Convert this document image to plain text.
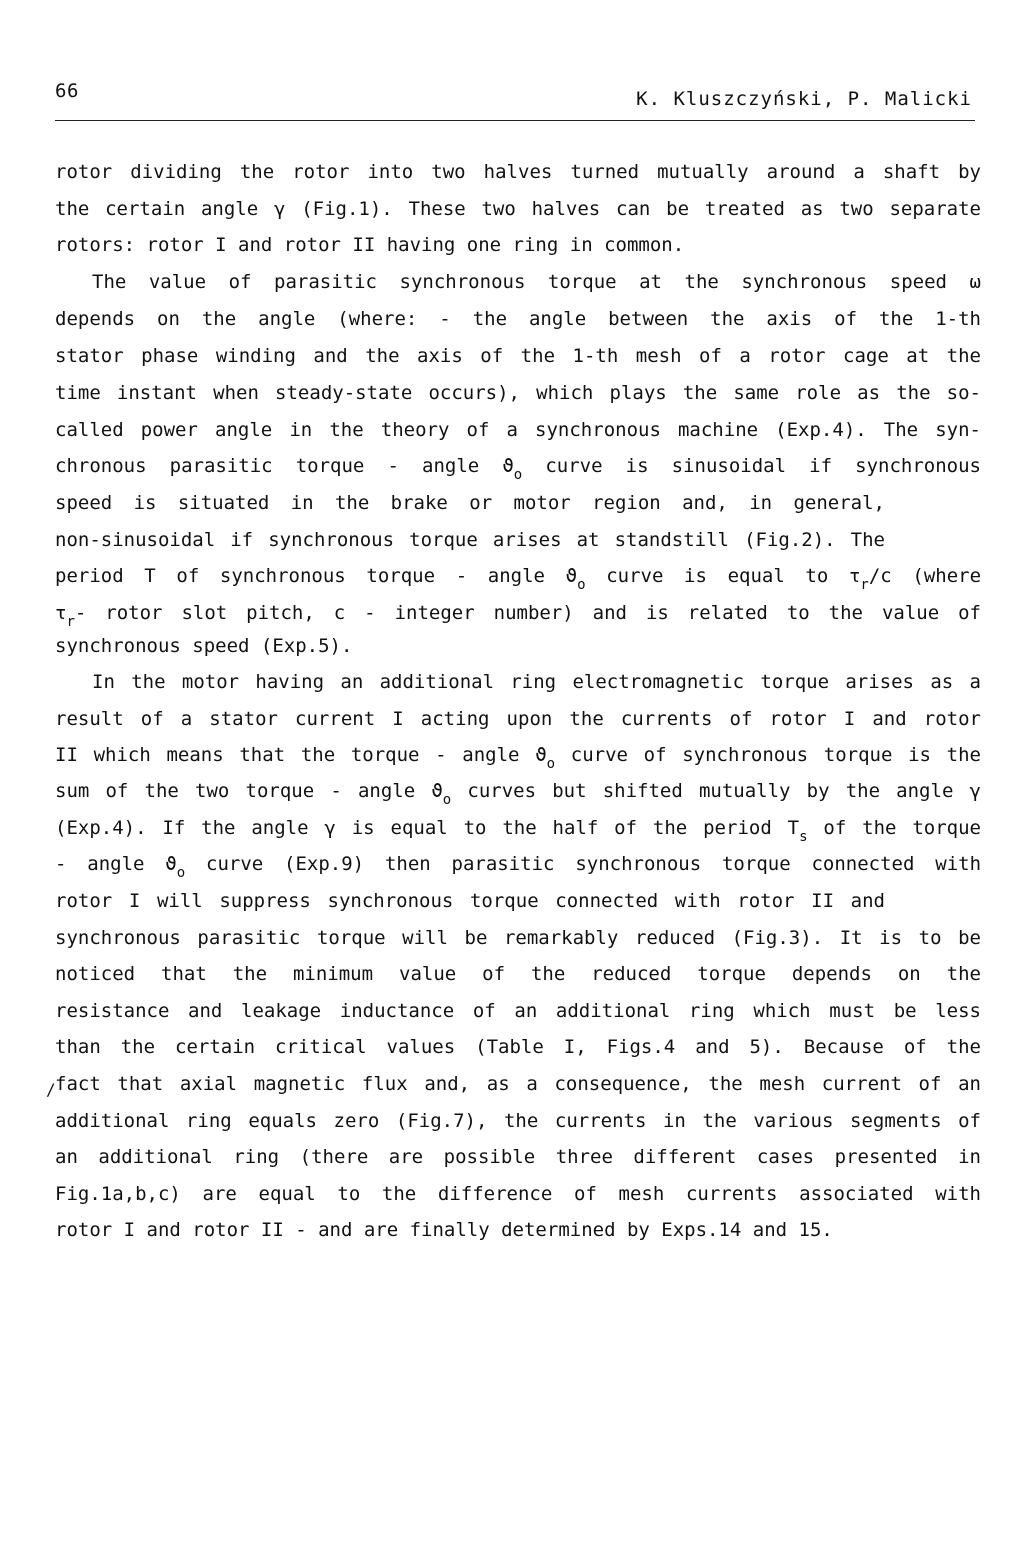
66	K. Kluszczyński, P. Malicki
rotor dividing the rotor into two halves turned mutually around a shaft by
the certain angle γ (Fig.1). These two halves can be treated as two separate
rotors: rotor I and rotor II having one ring in common.
The value of parasitic synchronous torque at the synchronous speed ω
depends on the angle (where: - the angle between the axis of the 1-th
stator phase winding and the axis of the 1-th mesh of a rotor cage at the
time instant when steady-state occurs), which plays the same role as the so-
called power angle in the theory of a synchronous machine (Exp.4). The syn-
chronous parasitic torque - angle $ϑ_o$ curve is sinusoidal if synchronous
speed is situated in the brake or motor region and, in general,
non-sinusoidal if synchronous torque arises at standstill (Fig.2). The
period T of synchronous torque - angle $ϑ_o$ curve is equal to $\tau_r/c$ (where
$\tau_r-$ rotor slot pitch, c - integer number) and is related to the value of
synchronous speed (Exp.5).
In the motor having an additional ring electromagnetic torque arises as a
result of a stator current I acting upon the currents of rotor I and rotor
II which means that the torque - angle $ϑ_o$ curve of synchronous torque is the
sum of the two torque - angle $ϑ_o$ curves but shifted mutually by the angle γ
(Exp.4). If the angle γ is equal to the half of the period $T_s$ of the torque
- angle $ϑ_o$ curve (Exp.9) then parasitic synchronous torque connected with
rotor I will suppress synchronous torque connected with rotor II and
synchronous parasitic torque will be remarkably reduced (Fig.3). It is to be
noticed that the minimum value of the reduced torque depends on the
resistance and leakage inductance of an additional ring which must be less
than the certain critical values (Table I, Figs.4 and 5). Because of the
fact that axial magnetic flux and, as a consequence, the mesh current of an
additional ring equals zero (Fig.7), the currents in the various segments of
an additional ring (there are possible three different cases presented in
Fig.1a,b,c) are equal to the difference of mesh currents associated with
rotor I and rotor II - and are finally determined by Exps.14 and 15.
/
